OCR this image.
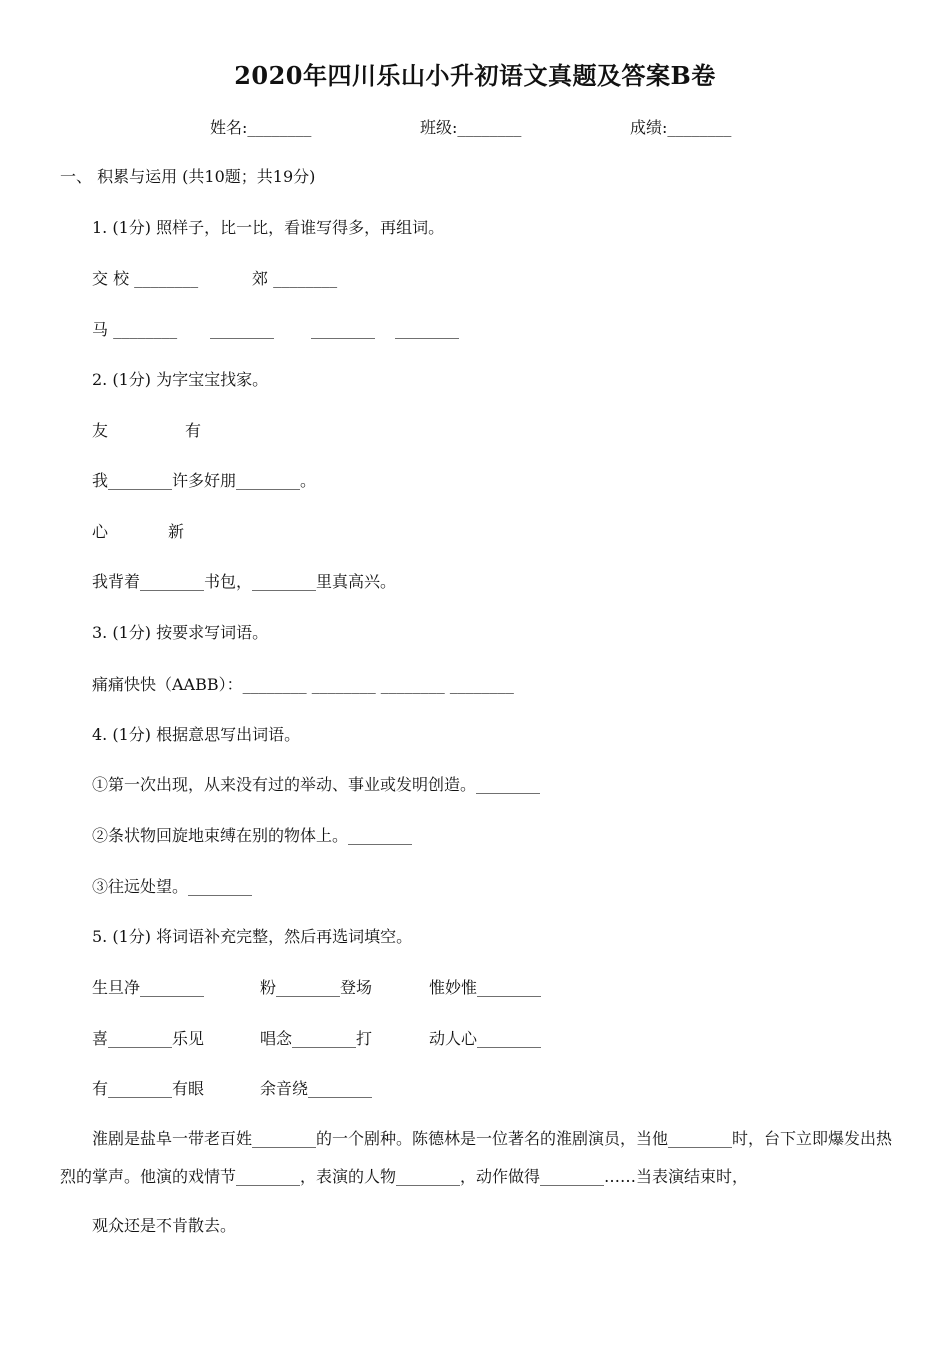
2020年四川乐山小升初语文真题及答案B卷
姓名:________	班级:________	成绩:________
一、 积累与运用 (共10题；共19分)
1. (1分) 照样子，比一比，看谁写得多，再组词。
交 校 ________	郊 ________
马 ________ ________ ________ ________
2. (1分) 为字宝宝找家。
友	有
我________许多好朋________。
心	新
我背着________书包，________里真高兴。
3. (1分) 按要求写词语。
痛痛快快（AABB）：________ ________ ________ ________
4. (1分) 根据意思写出词语。
①第一次出现，从来没有过的举动、事业或发明创造。________
②条状物回旋地束缚在别的物体上。________
③往远处望。________
5. (1分) 将词语补充完整，然后再选词填空。
生旦净________	粉________登场	惟妙惟________
喜________乐见	唱念________打	动人心________
有________有眼	余音绕________

淮剧是盐阜一带老百姓________的一个剧种。陈德林是一位著名的淮剧演员，当他________时，台下立即爆发出热烈的掌声。他演的戏情节________，表演的人物________，动作做得________……当表演结束时，

观众还是不肯散去。
